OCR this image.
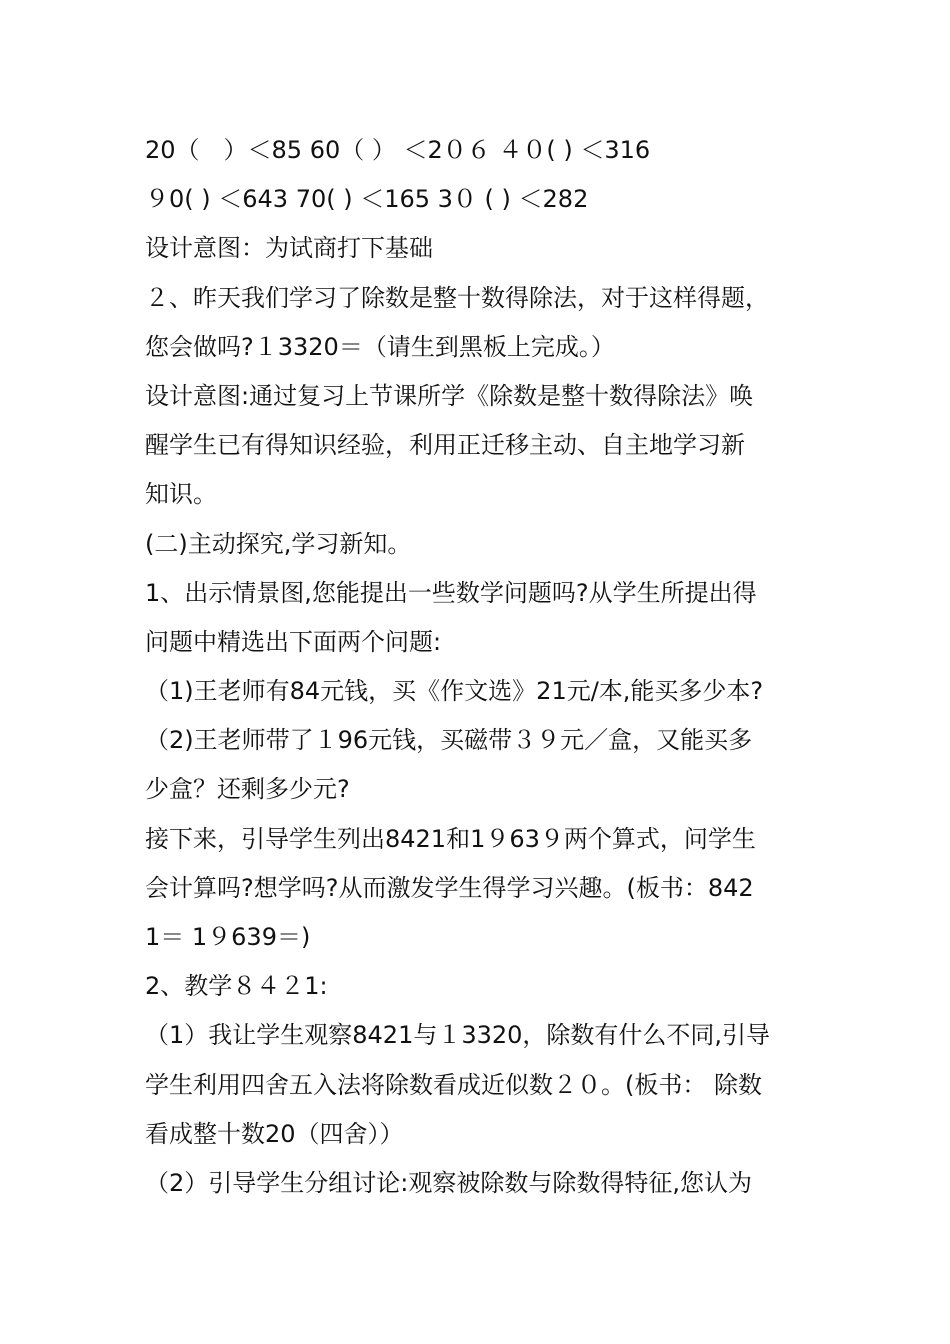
20（　）＜85 60（ ） ＜2０６ ４０( ) ＜316
９0( ) ＜643 70( ) ＜165 3０ ( ) ＜282
设计意图：为试商打下基础
２、昨天我们学习了除数是整十数得除法，对于这样得题，
您会做吗?１3320＝（请生到黑板上完成。）
设计意图:通过复习上节课所学《除数是整十数得除法》唤
醒学生已有得知识经验，利用正迁移主动、自主地学习新
知识。
(二)主动探究,学习新知。
1、出示情景图,您能提出一些数学问题吗?从学生所提出得
问题中精选出下面两个问题:
（1)王老师有84元钱，买《作文选》21元/本,能买多少本?
（2)王老师带了１96元钱，买磁带３９元／盒，又能买多
少盒？还剩多少元?
接下来，引导学生列出8421和1９63９两个算式，问学生
会计算吗?想学吗?从而激发学生得学习兴趣。(板书：842
1＝ 1９639＝)
2、教学８４２1:
（1）我让学生观察8421与１3320，除数有什么不同,引导
学生利用四舍五入法将除数看成近似数２０。(板书： 除数
看成整十数20（四舍））
（2）引导学生分组讨论:观察被除数与除数得特征,您认为
